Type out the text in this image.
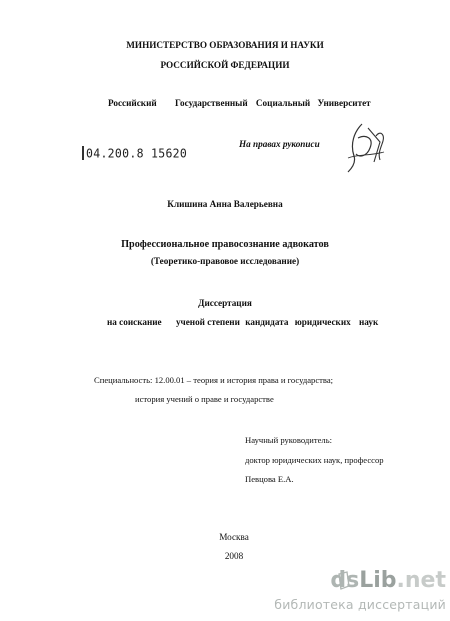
МИНИСТЕРСТВО ОБРАЗОВАНИЯ И НАУКИ
РОССИЙСКОЙ ФЕДЕРАЦИИ
Российский Государственный Социальный Университет
На правах рукописи
04.200.8 15620
Клишина Анна Валерьевна
Профессиональное правосознание адвокатов
(Теоретико-правовое исследование)
Диссертация
на соискание ученой степени кандидата юридических наук
Специальность: 12.00.01 – теория и история права и государства;
история учений о праве и государстве
Научный руководитель:
доктор юридических наук, профессор
Певцова Е.А.
Москва
2008
dsLib.net
библиотека диссертаций
